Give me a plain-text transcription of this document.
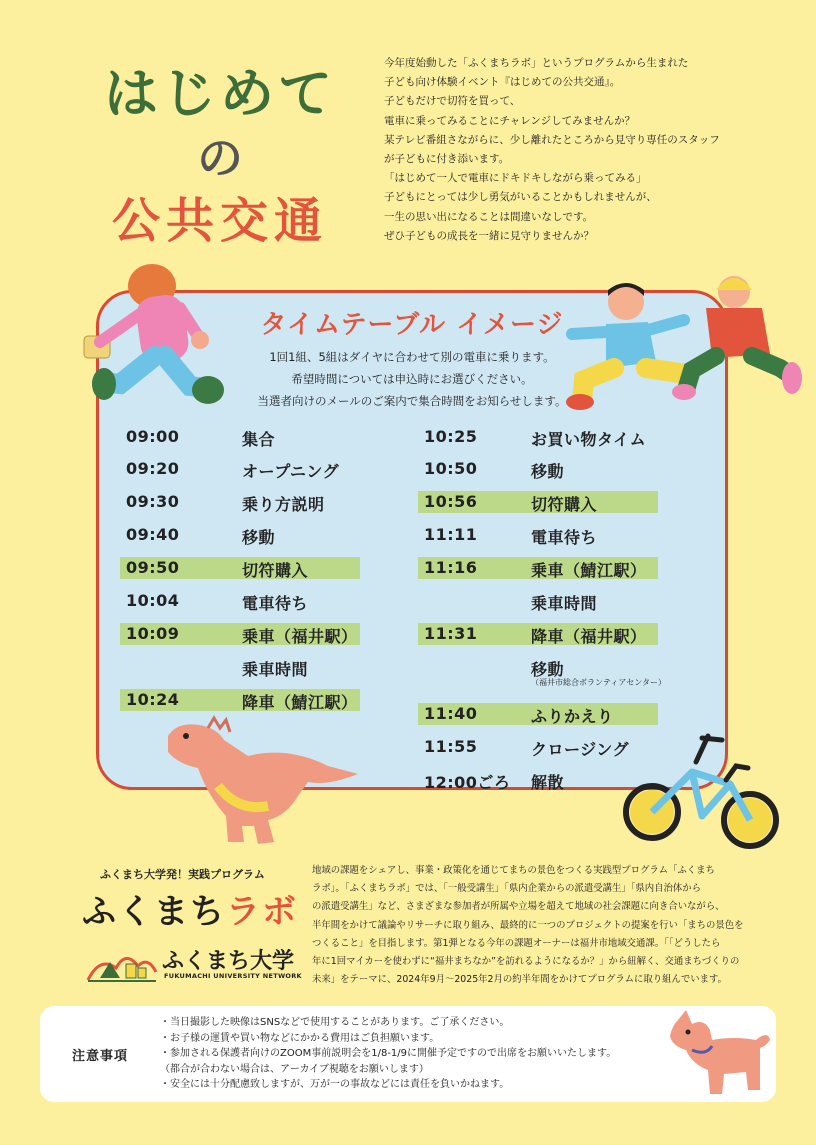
はじめて
の
公共交通
今年度始動した「ふくまちラボ」というプログラムから生まれた
子ども向け体験イベント『はじめての公共交通』。
子どもだけで切符を買って、
電車に乗ってみることにチャレンジしてみませんか？
某テレビ番組さながらに、少し離れたところから見守り専任のスタッフ
が子どもに付き添います。
「はじめて一人で電車にドキドキしながら乗ってみる」
子どもにとっては少し勇気がいることかもしれませんが、
一生の思い出になることは間違いなしです。
ぜひ子どもの成長を一緒に見守りませんか？
タイムテーブル イメージ
1回1組、5組はダイヤに合わせて別の電車に乗ります。
希望時間については申込時にお選びください。
当選者向けのメールのご案内で集合時間をお知らせします。
09:00	集合
09:20	オープニング
09:30	乗り方説明
09:40	移動
09:50	切符購入
10:04	電車待ち
10:09	乗車（福井駅）
乗車時間
10:24	降車（鯖江駅）
10:25	お買い物タイム
10:50	移動
10:56	切符購入
11:11	電車待ち
11:16	乗車（鯖江駅）
乗車時間
11:31	降車（福井駅）
移動
（福井市総合ボランティアセンター）
11:40	ふりかえり
11:55	クロージング
12:00ごろ 解散
ふくまち大学発！実践プログラム
ふくまちラボ
ふくまち大学
FUKUMACHI UNIVERSITY NETWORK
地域の課題をシェアし、事業・政策化を通じてまちの景色をつくる実践型プログラム「ふくまち
ラボ」。「ふくまちラボ」では、「一般受講生」「県内企業からの派遣受講生」「県内自治体から
の派遣受講生」など、さまざまな参加者が所属や立場を超えて地域の社会課題に向き合いながら、
半年間をかけて議論やリサーチに取り組み、最終的に一つのプロジェクトの提案を行い「まちの景色を
つくること」を目指します。第1弾となる今年の課題オーナーは福井市地域交通課。「「どうしたら
年に1回マイカーを使わずに“福井まちなか”を訪れるようになるか？」から紐解く、交通まちづくりの
未来」をテーマに、2024年9月〜2025年2月の約半年間をかけてプログラムに取り組んでいます。
注意事項
・当日撮影した映像はSNSなどで使用することがあります。ご了承ください。
・お子様の運賃や買い物などにかかる費用はご負担願います。
・参加される保護者向けのZOOM事前説明会を1/8-1/9に開催予定ですので出席をお願いいたします。
（都合が合わない場合は、アーカイブ視聴をお願いします）
・安全には十分配慮致しますが、万が一の事故などには責任を負いかねます。
